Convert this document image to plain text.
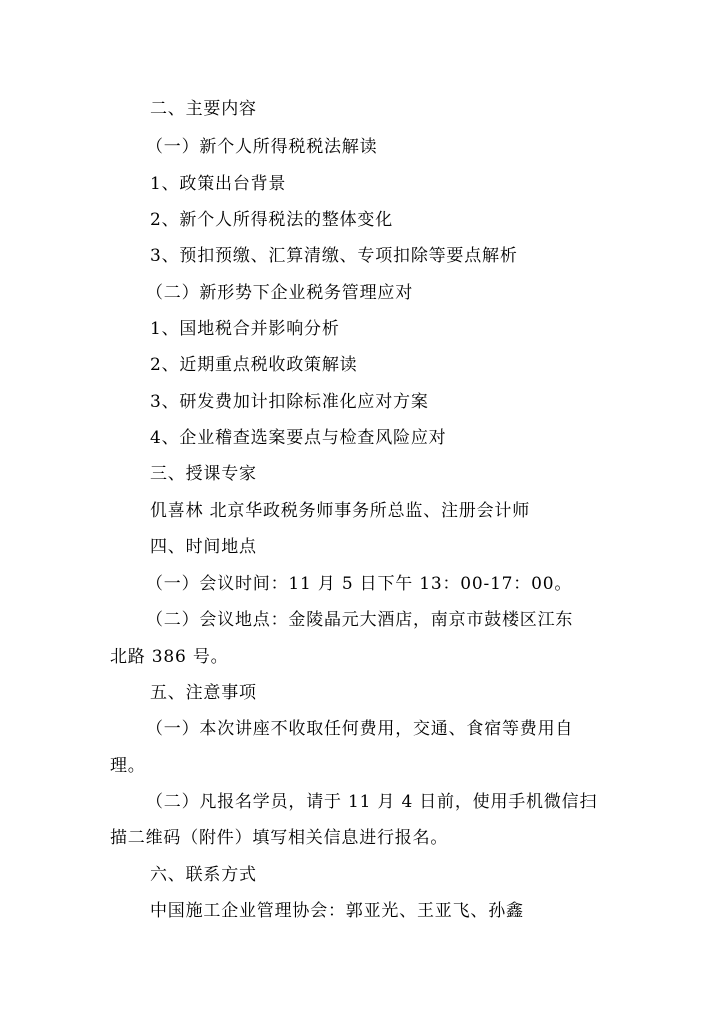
二、主要内容
（一）新个人所得税税法解读
1、政策出台背景
2、新个人所得税法的整体变化
3、预扣预缴、汇算清缴、专项扣除等要点解析
（二）新形势下企业税务管理应对
1、国地税合并影响分析
2、近期重点税收政策解读
3、研发费加计扣除标准化应对方案
4、企业稽查选案要点与检查风险应对
三、授课专家
仉喜林 北京华政税务师事务所总监、注册会计师
四、时间地点
（一）会议时间：11 月 5 日下午 13：00-17：00。
（二）会议地点：金陵晶元大酒店，南京市鼓楼区江东
北路 386 号。
五、注意事项
（一）本次讲座不收取任何费用，交通、食宿等费用自
理。
（二）凡报名学员，请于 11 月 4 日前，使用手机微信扫
描二维码（附件）填写相关信息进行报名。
六、联系方式
中国施工企业管理协会：郭亚光、王亚飞、孙鑫
